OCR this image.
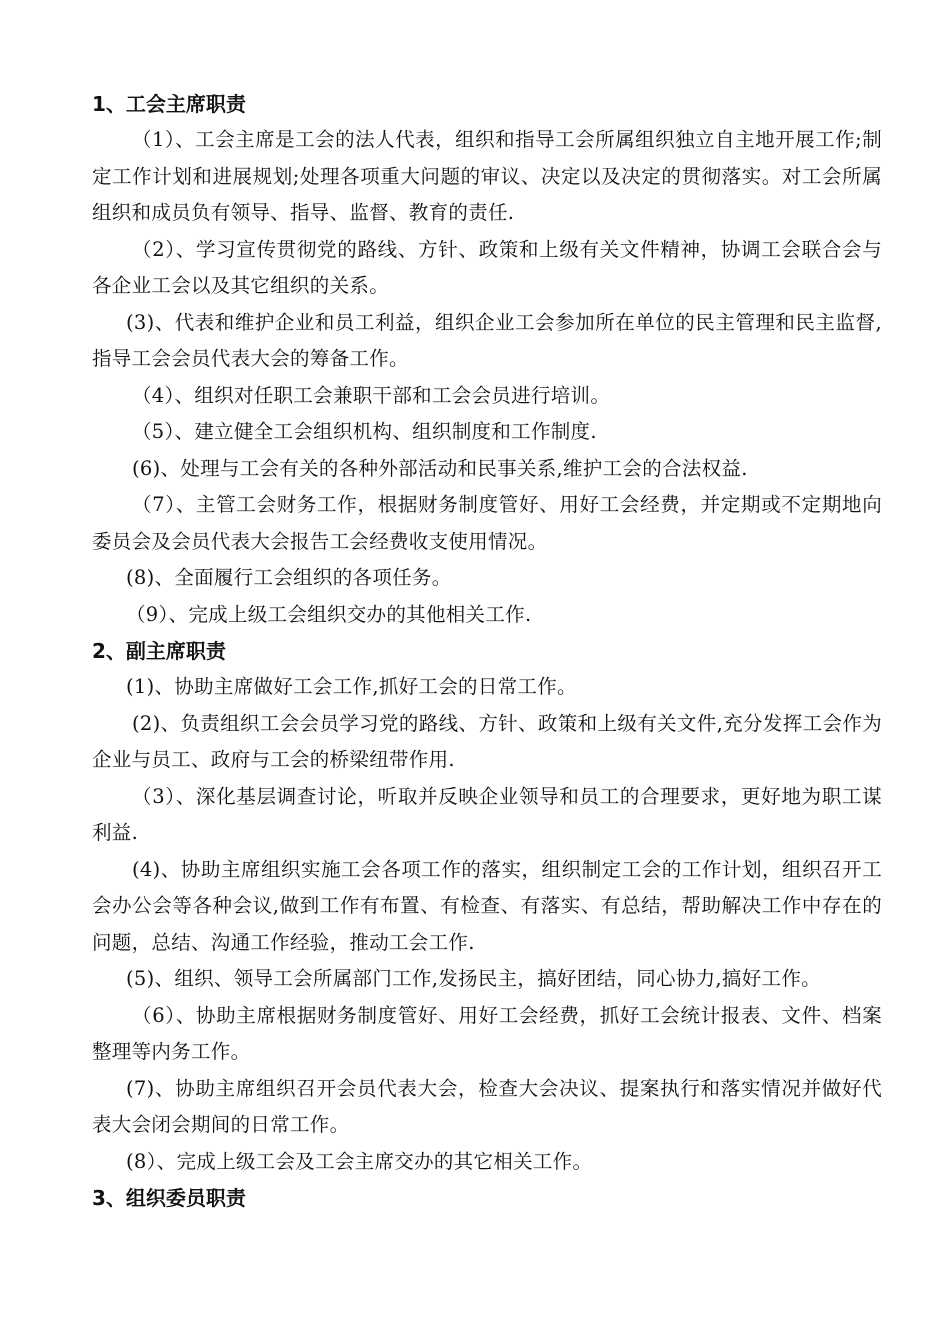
1、工会主席职责

（1）、工会主席是工会的法人代表，组织和指导工会所属组织独立自主地开展工作;制定工作计划和进展规划;处理各项重大问题的审议、决定以及决定的贯彻落实。对工会所属组织和成员负有领导、指导、监督、教育的责任.

（2）、学习宣传贯彻党的路线、方针、政策和上级有关文件精神，协调工会联合会与各企业工会以及其它组织的关系。

(3)、代表和维护企业和员工利益，组织企业工会参加所在单位的民主管理和民主监督,指导工会会员代表大会的筹备工作。

（4）、组织对任职工会兼职干部和工会会员进行培训。

（5）、建立健全工会组织机构、组织制度和工作制度.

(6)、处理与工会有关的各种外部活动和民事关系,维护工会的合法权益.

（7）、主管工会财务工作，根据财务制度管好、用好工会经费，并定期或不定期地向委员会及会员代表大会报告工会经费收支使用情况。

(8)、全面履行工会组织的各项任务。

（9）、完成上级工会组织交办的其他相关工作.

2、副主席职责

(1)、协助主席做好工会工作,抓好工会的日常工作。

(2)、负责组织工会会员学习党的路线、方针、政策和上级有关文件,充分发挥工会作为企业与员工、政府与工会的桥梁纽带作用.

（3）、深化基层调查讨论，听取并反映企业领导和员工的合理要求，更好地为职工谋利益.

(4)、协助主席组织实施工会各项工作的落实，组织制定工会的工作计划，组织召开工会办公会等各种会议,做到工作有布置、有检查、有落实、有总结，帮助解决工作中存在的问题，总结、沟通工作经验，推动工会工作.

(5)、组织、领导工会所属部门工作,发扬民主，搞好团结，同心协力,搞好工作。

（6）、协助主席根据财务制度管好、用好工会经费，抓好工会统计报表、文件、档案整理等内务工作。

(7)、协助主席组织召开会员代表大会，检查大会决议、提案执行和落实情况并做好代表大会闭会期间的日常工作。

(8）、完成上级工会及工会主席交办的其它相关工作。

3、组织委员职责
